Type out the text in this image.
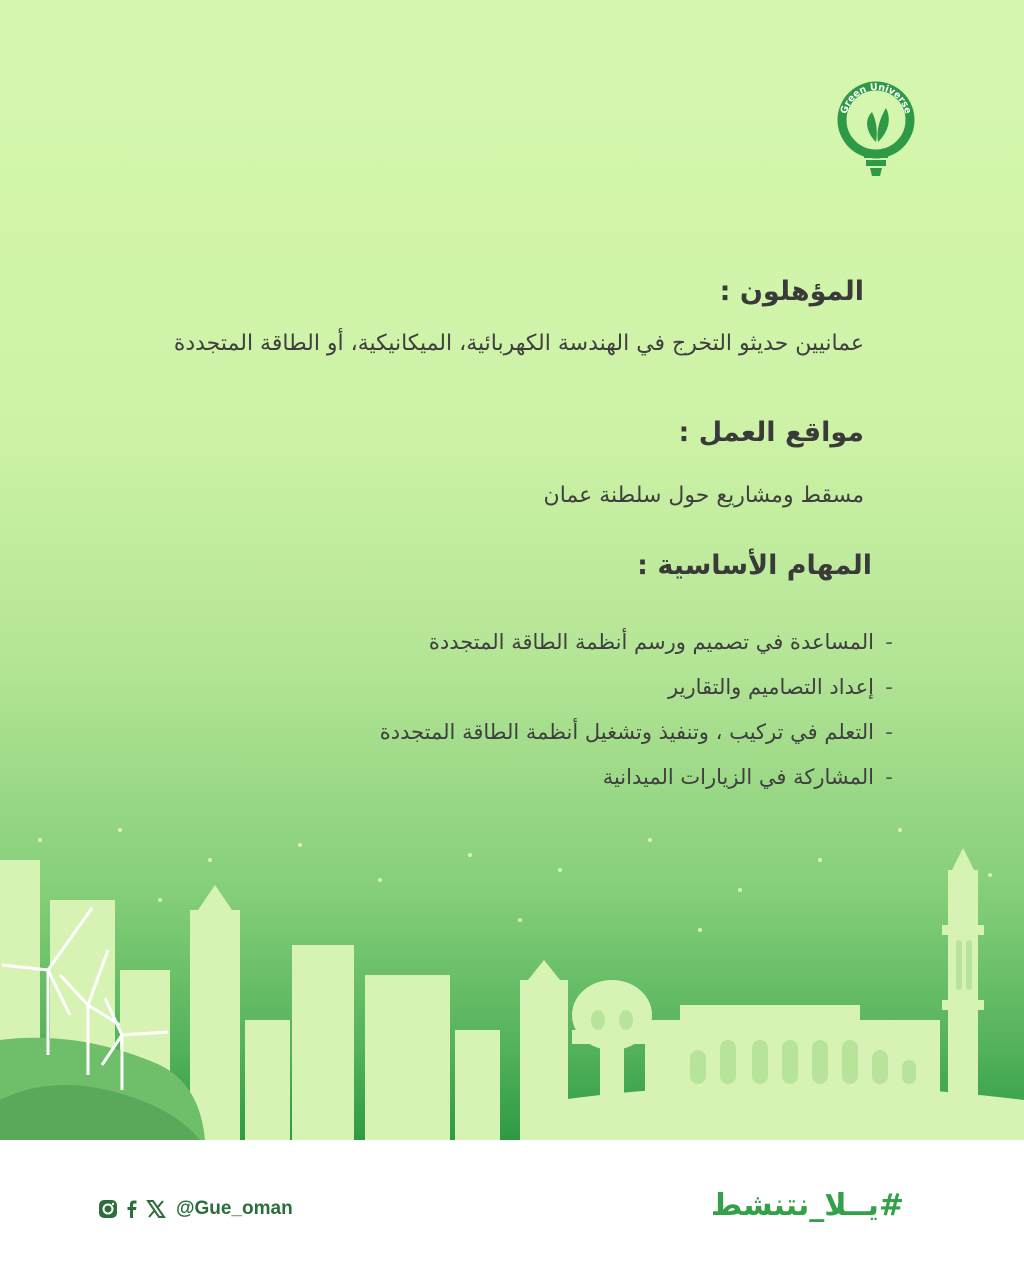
Green Universe
المؤهلون :

عمانيين حديثو التخرج في الهندسة الكهربائية، الميكانيكية، أو الطاقة المتجددة

مواقع العمل :

مسقط ومشاريع حول سلطنة عمان

المهام الأساسية :
-
المساعدة في تصميم ورسم أنظمة الطاقة المتجددة
-
إعداد التصاميم والتقارير
-
التعلم في تركيب ، وتنفيذ وتشغيل أنظمة الطاقة المتجددة
-
المشاركة في الزيارات الميدانية
@Gue_oman	#يــلا_نتنشط
